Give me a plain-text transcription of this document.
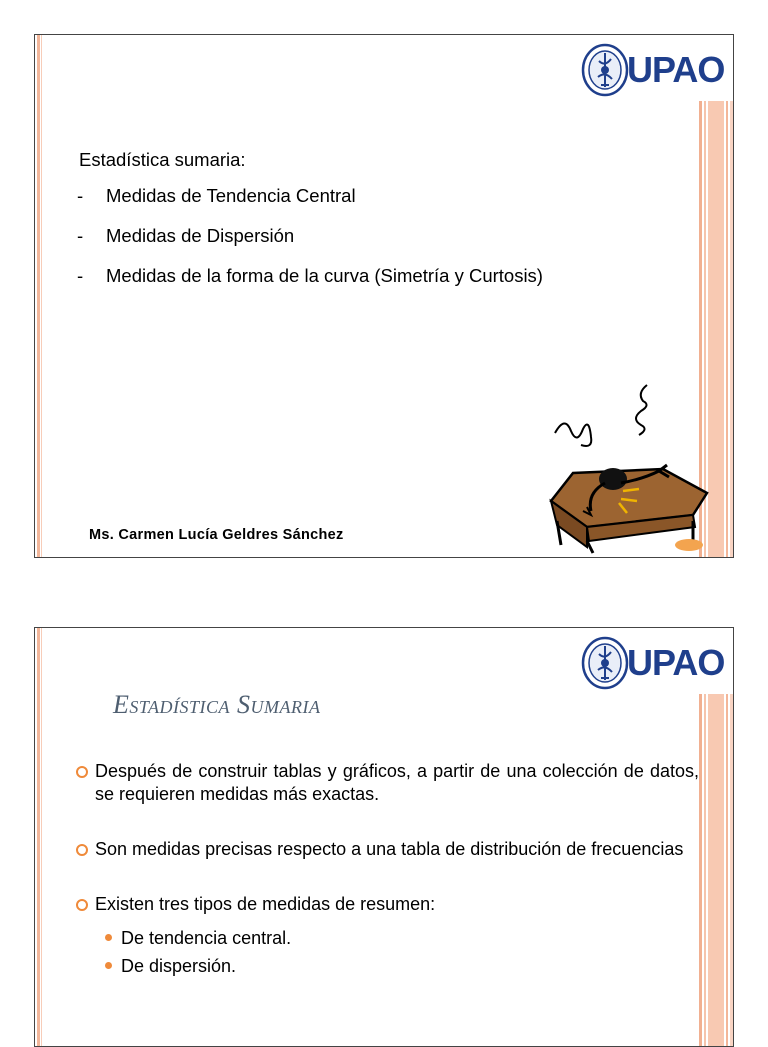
UPAO
Estadística sumaria:
-	Medidas de Tendencia Central
-	Medidas de Dispersión
-	Medidas de la forma de la curva (Simetría y Curtosis)
Ms. Carmen Lucía Geldres Sánchez
UPAO
Estadística Sumaria
Después de construir tablas y gráficos, a partir de una colección de datos, se requieren medidas más exactas.
Son medidas precisas respecto a una tabla de distribución de frecuencias
Existen tres tipos de medidas de resumen:
De tendencia central.
De dispersión.
